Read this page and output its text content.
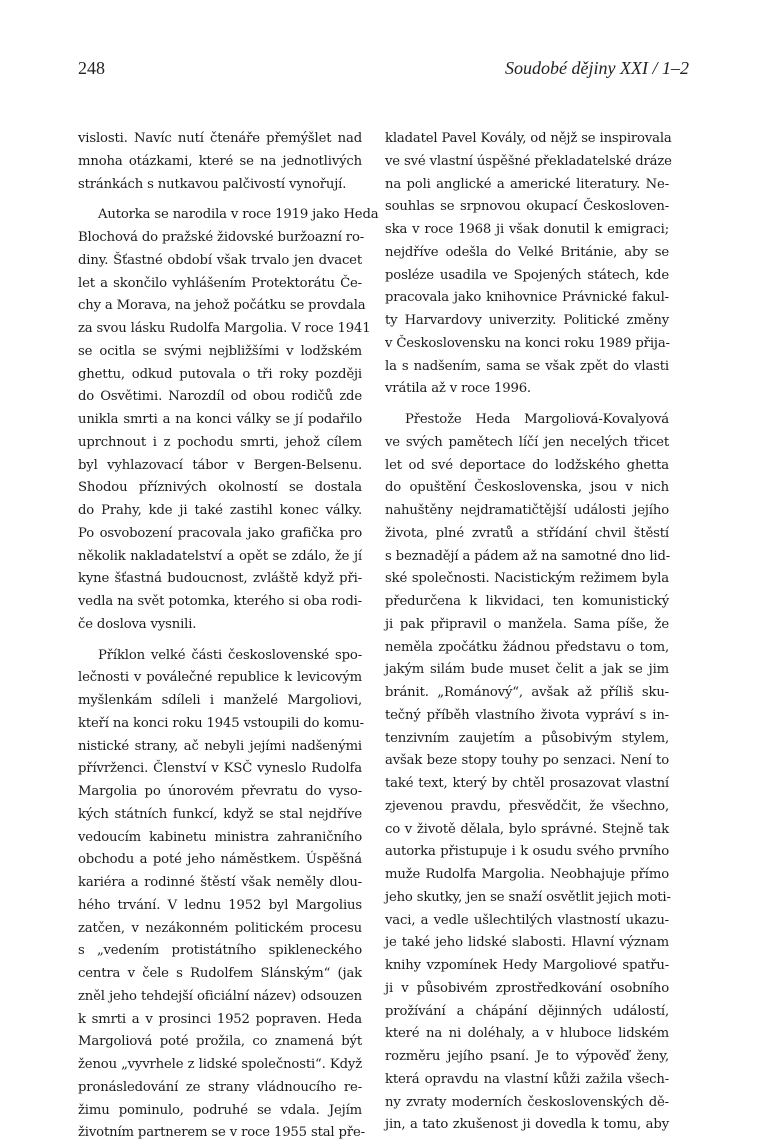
248	Soudobé dějiny XXI / 1–2
vislosti. Navíc nutí čtenáře přemýšlet nad
mnoha otázkami, které se na jednotlivých
stránkách s nutkavou palčivostí vynořují.
Autorka se narodila v roce 1919 jako Heda
Blochová do pražské židovské buržoazní ro-
diny. Šťastné období však trvalo jen dvacet
let a skončilo vyhlášením Protektorátu Če-
chy a Morava, na jehož počátku se provdala
za svou lásku Rudolfa Margolia. V roce 1941
se ocitla se svými nejbližšími v lodžském
ghettu, odkud putovala o tři roky později
do Osvětimi. Narozdíl od obou rodičů zde
unikla smrti a na konci války se jí podařilo
uprchnout i z pochodu smrti, jehož cílem
byl vyhlazovací tábor v Bergen-Belsenu.
Shodou příznivých okolností se dostala
do Prahy, kde ji také zastihl konec války.
Po osvobození pracovala jako grafička pro
několik nakladatelství a opět se zdálo, že jí
kyne šťastná budoucnost, zvláště když při-
vedla na svět potomka, kterého si oba rodi-
če doslova vysnili.
Příklon velké části československé spo-
lečnosti v poválečné republice k levicovým
myšlenkám sdíleli i manželé Margoliovi,
kteří na konci roku 1945 vstoupili do komu-
nistické strany, ač nebyli jejími nadšenými
přívrženci. Členství v KSČ vyneslo Rudolfa
Margolia po únorovém převratu do vyso-
kých státních funkcí, když se stal nejdříve
vedoucím kabinetu ministra zahraničního
obchodu a poté jeho náměstkem. Úspěšná
kariéra a rodinné štěstí však neměly dlou-
hého trvání. V lednu 1952 byl Margolius
zatčen, v nezákonném politickém procesu
s „vedením protistátního spikleneckého
centra v čele s Rudolfem Slánským“ (jak
zněl jeho tehdejší oficiální název) odsouzen
k smrti a v prosinci 1952 popraven. Heda
Margoliová poté prožila, co znamená být
ženou „vyvrhele z lidské společnosti“. Když
pronásledování ze strany vládnoucího re-
žimu pominulo, podruhé se vdala. Jejím
životním partnerem se v roce 1955 stal pře-
kladatel Pavel Kovály, od nějž se inspirovala
ve své vlastní úspěšné překladatelské dráze
na poli anglické a americké literatury. Ne-
souhlas se srpnovou okupací Českosloven-
ska v roce 1968 ji však donutil k emigraci;
nejdříve odešla do Velké Británie, aby se
posléze usadila ve Spojených státech, kde
pracovala jako knihovnice Právnické fakul-
ty Harvardovy univerzity. Politické změny
v Československu na konci roku 1989 přija-
la s nadšením, sama se však zpět do vlasti
vrátila až v roce 1996.
Přestože Heda Margoliová-Kovalyová
ve svých pamětech líčí jen necelých třicet
let od své deportace do lodžského ghetta
do opuštění Československa, jsou v nich
nahuštěny nejdramatičtější události jejího
života, plné zvratů a střídání chvil štěstí
s beznadějí a pádem až na samotné dno lid-
ské společnosti. Nacistickým režimem byla
předurčena k likvidaci, ten komunistický
ji pak připravil o manžela. Sama píše, že
neměla zpočátku žádnou představu o tom,
jakým silám bude muset čelit a jak se jim
bránit. „Románový“, avšak až příliš sku-
tečný příběh vlastního života vypráví s in-
tenzivním zaujetím a působivým stylem,
avšak beze stopy touhy po senzaci. Není to
také text, který by chtěl prosazovat vlastní
zjevenou pravdu, přesvědčit, že všechno,
co v životě dělala, bylo správné. Stejně tak
autorka přistupuje i k osudu svého prvního
muže Rudolfa Margolia. Neobhajuje přímo
jeho skutky, jen se snaží osvětlit jejich moti-
vaci, a vedle ušlechtilých vlastností ukazu-
je také jeho lidské slabosti. Hlavní význam
knihy vzpomínek Hedy Margoliové spatřu-
ji v působivém zprostředkování osobního
prožívání a chápání dějinných událostí,
které na ni doléhaly, a v hluboce lidském
rozměru jejího psaní. Je to výpověď ženy,
která opravdu na vlastní kůži zažila všech-
ny zvraty moderních československých dě-
jin, a tato zkušenost ji dovedla k tomu, aby
